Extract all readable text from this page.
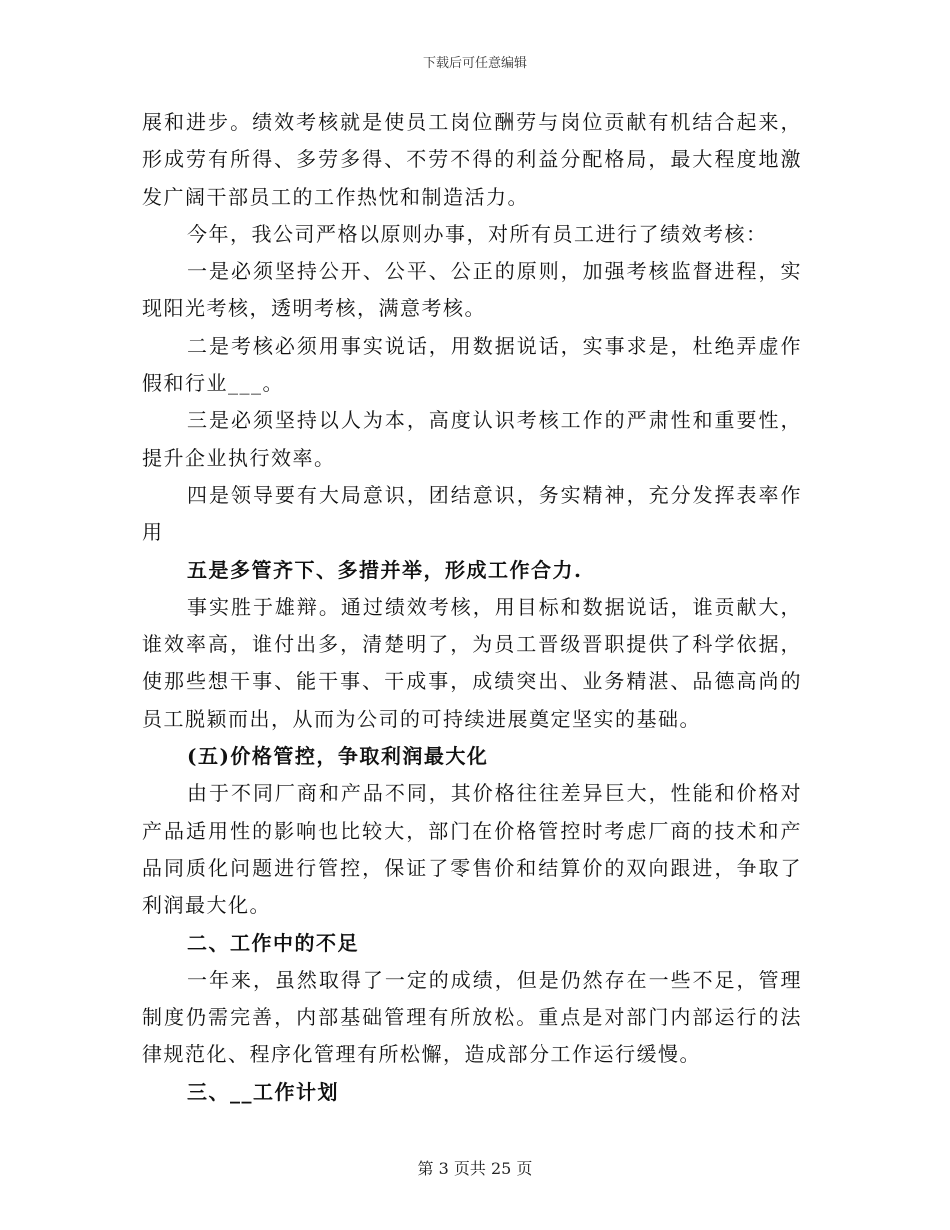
下载后可任意编辑

展和进步。绩效考核就是使员工岗位酬劳与岗位贡献有机结合起来，形成劳有所得、多劳多得、不劳不得的利益分配格局，最大程度地激发广阔干部员工的工作热忱和制造活力。

今年，我公司严格以原则办事，对所有员工进行了绩效考核：

一是必须坚持公开、公平、公正的原则，加强考核监督进程，实现阳光考核，透明考核，满意考核。

二是考核必须用事实说话，用数据说话，实事求是，杜绝弄虚作假和行业___。

三是必须坚持以人为本，高度认识考核工作的严肃性和重要性，提升企业执行效率。

四是领导要有大局意识，团结意识，务实精神，充分发挥表率作用

五是多管齐下、多措并举，形成工作合力.

事实胜于雄辩。通过绩效考核，用目标和数据说话，谁贡献大，谁效率高，谁付出多，清楚明了，为员工晋级晋职提供了科学依据，使那些想干事、能干事、干成事，成绩突出、业务精湛、品德高尚的员工脱颖而出，从而为公司的可持续进展奠定坚实的基础。

(五)价格管控，争取利润最大化

由于不同厂商和产品不同，其价格往往差异巨大，性能和价格对产品适用性的影响也比较大，部门在价格管控时考虑厂商的技术和产品同质化问题进行管控，保证了零售价和结算价的双向跟进，争取了利润最大化。

二、工作中的不足

一年来，虽然取得了一定的成绩，但是仍然存在一些不足，管理制度仍需完善，内部基础管理有所放松。重点是对部门内部运行的法律规范化、程序化管理有所松懈，造成部分工作运行缓慢。

三、__工作计划

第 3 页共 25 页
